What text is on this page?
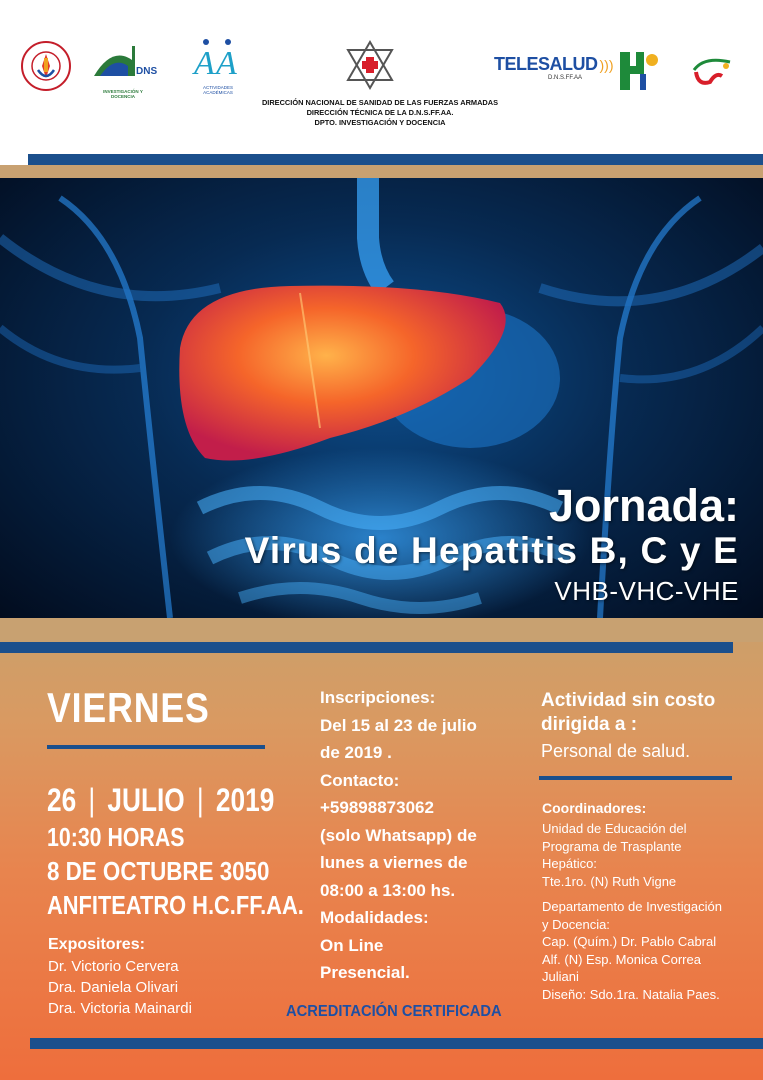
DNS
INVESTIGACIÓN Y DOCENCIA
A A
ACTIVIDADES ACADÉMICAS
DIRECCIÓN NACIONAL DE SANIDAD DE LAS FUERZAS ARMADAS
DIRECCIÓN TÉCNICA DE LA D.N.S.FF.AA.
DPTO. INVESTIGACIÓN Y DOCENCIA
TELESALUD )))
D.N.S.FF.AA
Jornada:
Virus de Hepatitis B, C y E
VHB-VHC-VHE
VIERNES
26 | JULIO | 2019
10:30 HORAS
8 DE OCTUBRE 3050
ANFITEATRO H.C.FF.AA.
Expositores:
Dr. Victorio Cervera
Dra. Daniela Olivari
Dra. Victoria Mainardi
Inscripciones:
Del 15 al 23 de julio
de 2019 .
Contacto:
+59898873062
(solo Whatsapp) de
lunes a viernes de
08:00 a 13:00 hs.
Modalidades:
On Line
Presencial.
ACREDITACIÓN CERTIFICADA
Actividad sin costo
dirigida a :
Personal de salud.
Coordinadores:
Unidad de Educación del
Programa de Trasplante
Hepático:
Tte.1ro. (N) Ruth Vigne
Departamento de Investigación
y Docencia:
Cap. (Quím.) Dr. Pablo Cabral
Alf. (N) Esp. Monica Correa
Juliani
Diseño: Sdo.1ra. Natalia Paes.
